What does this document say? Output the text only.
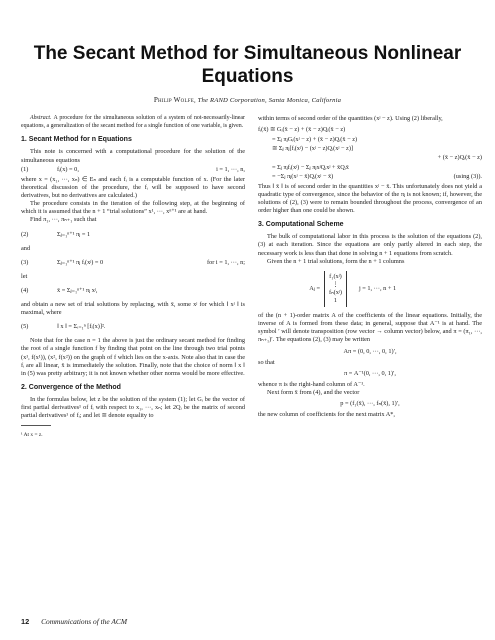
The Secant Method for Simultaneous Nonlinear Equations
Philip Wolfe, The RAND Corporation, Santa Monica, California

Abstract. A procedure for the simultaneous solution of a system of not-necessarily-linear equations, a generalization of the secant method for a single function of one variable, is given.

1. Secant Method for n Equations

This note is concerned with a computational procedure for the solution of the simultaneous equations

(1)	fᵢ(x) = 0,	i = 1, ···, n,

where x = (x₁, ···, xₙ) ∈ Eₙ and each fᵢ is a computable function of x. (For the later theoretical discussion of the procedure, the fᵢ will be supposed to have second derivatives, but no derivatives are calculated.)

The procedure consists in the iteration of the following step, at the beginning of which it is assumed that the n + 1 “trial solutions” x¹, ···, xⁿ⁺¹ are at hand.

Find π₁, ···, πₙ₊₁ such that

(2)	Σⱼ₌₁ⁿ⁺¹ πⱼ = 1

and

(3)	Σⱼ₌₁ⁿ⁺¹ πⱼ fᵢ(xʲ) = 0	for i = 1, ···, n;

let

(4)	x̄ = Σⱼ₌₁ⁿ⁺¹ πⱼ xʲ,

and obtain a new set of trial solutions by replacing, with x̄, some xʲ for which ‖ xʲ ‖ is maximal, where

(5)	‖ x ‖ = Σᵢ₌₁ⁿ [fᵢ(x)]².

Note that for the case n = 1 the above is just the ordinary secant method for finding the root of a single function f by finding that point on the line through two trial points (x¹, f(x¹)), (x², f(x²)) on the graph of f which lies on the x-axis. Note also that in case the fᵢ are all linear, x̄ is immediately the solution. Finally, note that the choice of norm ‖ x ‖ in (5) was pretty arbitrary; it is not known whether other norms would be more effective.

2. Convergence of the Method

In the formulas below, let z be the solution of the system (1); let Gᵢ be the vector of first partial derivatives¹ of fᵢ with respect to x₁, ···, xₙ; let 2Qᵢ be the matrix of second partial derivatives¹ of fᵢ; and let ≅ denote equality to

¹ At x = z.

within terms of second order of the quantities (xʲ − z). Using (2) liberally,

fᵢ(x̄) ≅ Gᵢ(x̄ − z) + (x̄ − z)Qᵢ(x̄ − z)
= Σⱼ πⱼGᵢ(xʲ − z) + (x̄ − z)Qᵢ(x̄ − z)
≅ Σⱼ πⱼ[fᵢ(xʲ) − (xʲ − z)Qᵢ(xʲ − z)]
+ (x̄ − z)Qᵢ(x̄ − z)
= Σⱼ πⱼfᵢ(xʲ) − Σⱼ πⱼxʲQᵢxʲ + x̄Qᵢx̄
= −Σⱼ πⱼ(xʲ − x̄)Qᵢ(xʲ − x̄)	(using (3)).

Thus ‖ x̄ ‖ is of second order in the quantities xʲ − x̄. This unfortunately does not yield a quadratic type of convergence, since the behavior of the πⱼ is not known; if, however, the solutions of (2), (3) were to remain bounded throughout the process, convergence of an order higher than one could be shown.

3. Computational Scheme

The bulk of computational labor in this process is the solution of the equations (2), (3) at each iteration. Since the equations are only partly altered in each step, the necessary work is less than that done in solving n + 1 equations from scratch.

Given the n + 1 trial solutions, form the n + 1 columns

Aⱼ =
f₁(xʲ)
⋮
fₙ(xʲ)
1
j = 1, ···, n + 1

of the (n + 1)-order matrix A of the coefficients of the linear equations. Initially, the inverse of A is formed from these data; in general, suppose that A⁻¹ is at hand. The symbol ′ will denote transposition (row vector → column vector) below, and π = (π₁, ···, πₙ₊₁)′. The equations (2), (3) may be written

Aπ = (0, 0, ···, 0, 1)′,

so that

π = A⁻¹(0, ···, 0, 1)′,

whence π is the right-hand column of A⁻¹.

Next form x̄ from (4), and the vector

p = (f₁(x̄), ···, fₙ(x̄), 1)′,

the new column of coefficients for the next matrix A*,

12 Communications of the ACM
